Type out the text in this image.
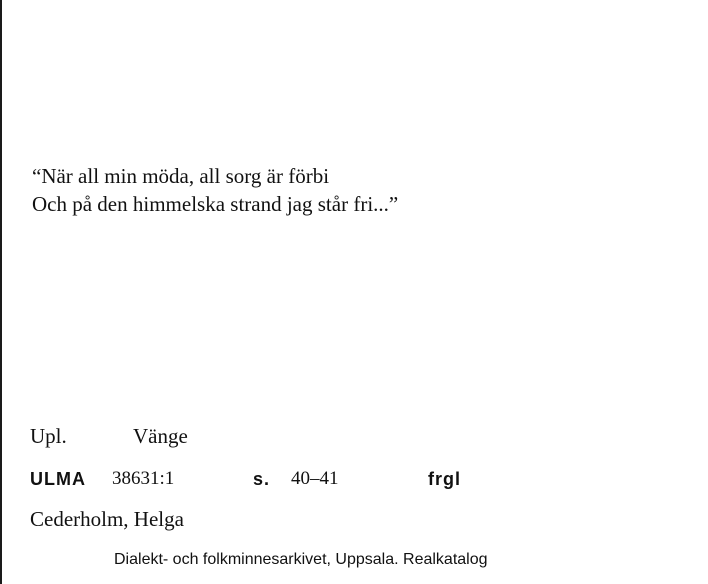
“När all min möda, all sorg är förbi
Och på den himmelska strand jag står fri...”
Upl.	Vänge
ULMA 38631:1	s. 40–41	frgl
Cederholm, Helga
Dialekt- och folkminnesarkivet, Uppsala. Realkatalog
